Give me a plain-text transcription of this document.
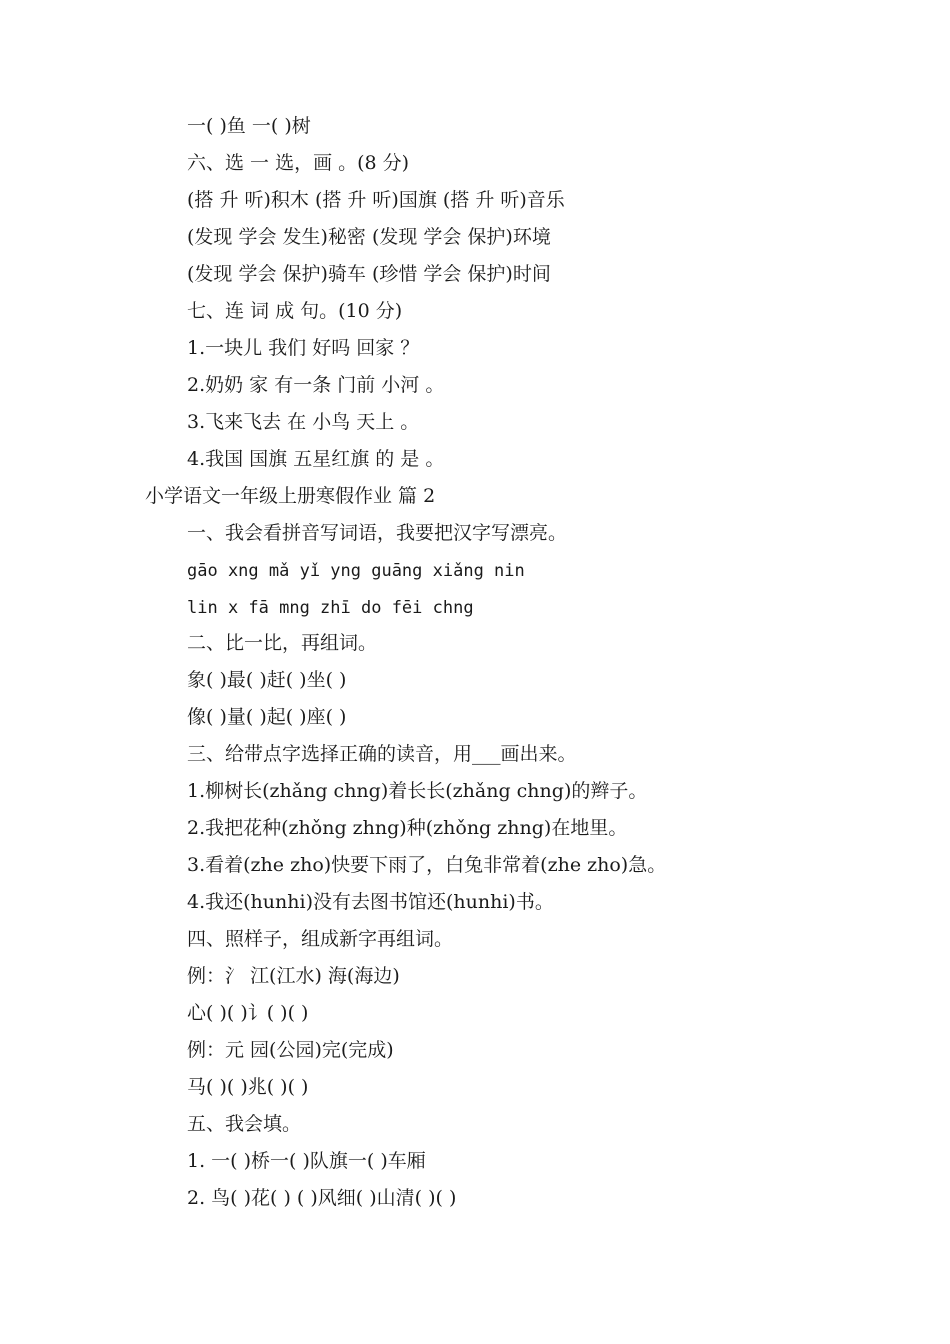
一( )鱼 一( )树
六、选 一 选，画 。(8 分)
(搭 升 听)积木 (搭 升 听)国旗 (搭 升 听)音乐
(发现 学会 发生)秘密 (发现 学会 保护)环境
(发现 学会 保护)骑车 (珍惜 学会 保护)时间
七、连 词 成 句。(10 分)
1.一块儿 我们 好吗 回家 ？
2.奶奶 家 有一条 门前 小河 。
3.飞来飞去 在 小鸟 天上 。
4.我国 国旗 五星红旗 的 是 。
小学语文一年级上册寒假作业 篇 2
一、我会看拼音写词语，我要把汉字写漂亮。
gāo xng mǎ yǐ yng guāng xiǎng nin
lin x fā mng zhī do fēi chng
二、比一比，再组词。
象( )最( )赶( )坐( )
像( )量( )起( )座( )
三、给带点字选择正确的读音，用___画出来。
1.柳树长(zhǎng chng)着长长(zhǎng chng)的辫子。
2.我把花种(zhǒng zhng)种(zhǒng zhng)在地里。
3.看着(zhe zho)快要下雨了，白兔非常着(zhe zho)急。
4.我还(hunhi)没有去图书馆还(hunhi)书。
四、照样子，组成新字再组词。
例：氵 江(江水) 海(海边)
心( )( )讠( )( )
例：元 园(公园)完(完成)
马( )( )兆( )( )
五、我会填。
1. 一( )桥一( )队旗一( )车厢
2. 鸟( )花( ) ( )风细( )山清( )( )
